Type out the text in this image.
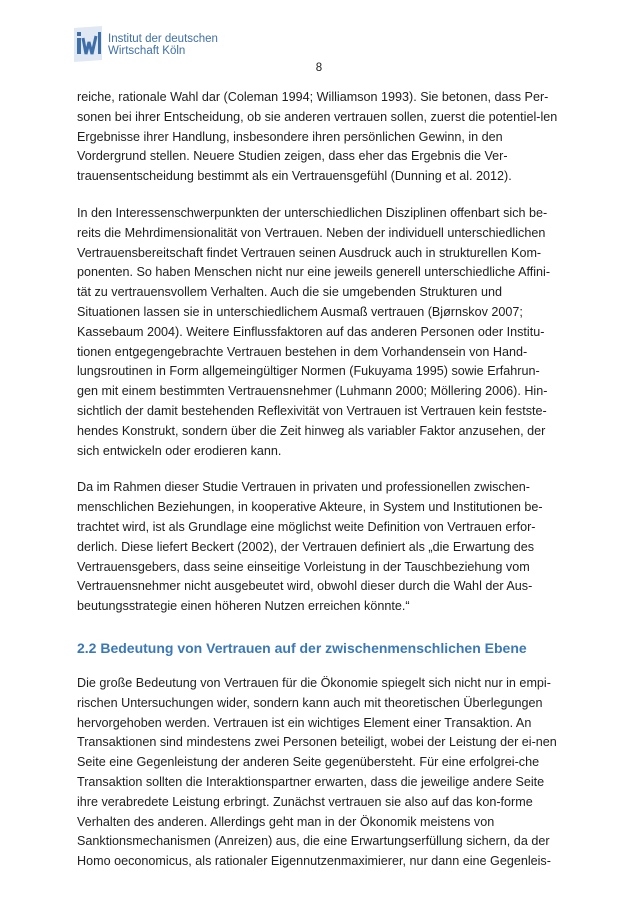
Institut der deutschen
Wirtschaft Köln
8

reiche, rationale Wahl dar (Coleman 1994; Williamson 1993). Sie betonen, dass Per-sonen bei ihrer Entscheidung, ob sie anderen vertrauen sollen, zuerst die potentiel-len Ergebnisse ihrer Handlung, insbesondere ihren persönlichen Gewinn, in den Vordergrund stellen. Neuere Studien zeigen, dass eher das Ergebnis die Ver-trauensentscheidung bestimmt als ein Vertrauensgefühl (Dunning et al. 2012).

In den Interessenschwerpunkten der unterschiedlichen Disziplinen offenbart sich be-reits die Mehrdimensionalität von Vertrauen. Neben der individuell unterschiedlichen Vertrauensbereitschaft findet Vertrauen seinen Ausdruck auch in strukturellen Kom-ponenten. So haben Menschen nicht nur eine jeweils generell unterschiedliche Affini-tät zu vertrauensvollem Verhalten. Auch die sie umgebenden Strukturen und Situationen lassen sie in unterschiedlichem Ausmaß vertrauen (Bjørnskov 2007; Kassebaum 2004). Weitere Einflussfaktoren auf das anderen Personen oder Institu-tionen entgegengebrachte Vertrauen bestehen in dem Vorhandensein von Hand-lungsroutinen in Form allgemeingültiger Normen (Fukuyama 1995) sowie Erfahrun-gen mit einem bestimmten Vertrauensnehmer (Luhmann 2000; Möllering 2006). Hin-sichtlich der damit bestehenden Reflexivität von Vertrauen ist Vertrauen kein festste-hendes Konstrukt, sondern über die Zeit hinweg als variabler Faktor anzusehen, der sich entwickeln oder erodieren kann.

Da im Rahmen dieser Studie Vertrauen in privaten und professionellen zwischen-menschlichen Beziehungen, in kooperative Akteure, in System und Institutionen be-trachtet wird, ist als Grundlage eine möglichst weite Definition von Vertrauen erfor-derlich. Diese liefert Beckert (2002), der Vertrauen definiert als „die Erwartung des Vertrauensgebers, dass seine einseitige Vorleistung in der Tauschbeziehung vom Vertrauensnehmer nicht ausgebeutet wird, obwohl dieser durch die Wahl der Aus-beutungsstrategie einen höheren Nutzen erreichen könnte.“

2.2 Bedeutung von Vertrauen auf der zwischenmenschlichen Ebene

Die große Bedeutung von Vertrauen für die Ökonomie spiegelt sich nicht nur in empi-rischen Untersuchungen wider, sondern kann auch mit theoretischen Überlegungen hervorgehoben werden. Vertrauen ist ein wichtiges Element einer Transaktion. An Transaktionen sind mindestens zwei Personen beteiligt, wobei der Leistung der ei-nen Seite eine Gegenleistung der anderen Seite gegenübersteht. Für eine erfolgrei-che Transaktion sollten die Interaktionspartner erwarten, dass die jeweilige andere Seite ihre verabredete Leistung erbringt. Zunächst vertrauen sie also auf das kon-forme Verhalten des anderen. Allerdings geht man in der Ökonomik meistens von Sanktionsmechanismen (Anreizen) aus, die eine Erwartungserfüllung sichern, da der Homo oeconomicus, als rationaler Eigennutzenmaximierer, nur dann eine Gegenleis-
